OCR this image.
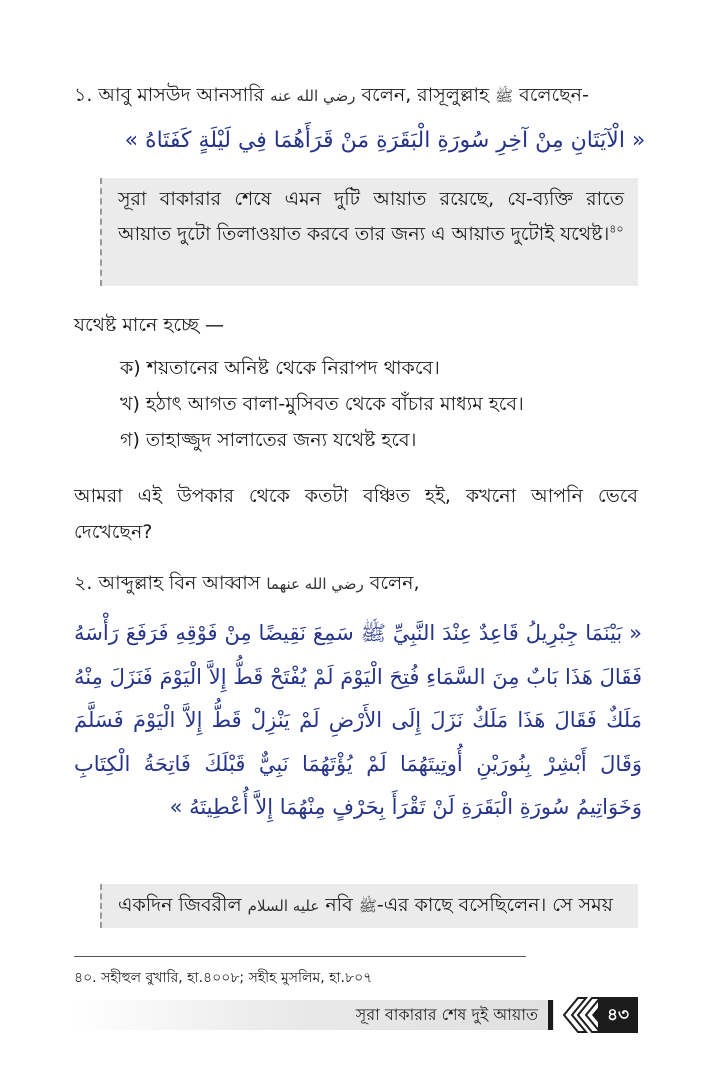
১. আবু মাসউদ আনসারি رضي الله عنه বলেন, রাসূলুল্লাহ ﷺ বলেছেন-
« الْآيَتَانِ مِنْ آخِرِ سُورَةِ الْبَقَرَةِ مَنْ قَرَأَهُمَا فِي لَيْلَةٍ كَفَتَاهُ »
সূরা বাকারার শেষে এমন দুটি আয়াত রয়েছে, যে-ব্যক্তি রাতে আয়াত দুটো তিলাওয়াত করবে তার জন্য এ আয়াত দুটোই যথেষ্ট।$^{৪০}$
যথেষ্ট মানে হচ্ছে —
ক) শয়তানের অনিষ্ট থেকে নিরাপদ থাকবে।
খ) হঠাৎ আগত বালা-মুসিবত থেকে বাঁচার মাধ্যম হবে।
গ) তাহাজ্জুদ সালাতের জন্য যথেষ্ট হবে।
আমরা এই উপকার থেকে কতটা বঞ্চিত হই, কখনো আপনি ভেবে দেখেছেন?
২. আব্দুল্লাহ বিন আব্বাস رضي الله عنهما বলেন,
« بَيْنَمَا جِبْرِيلُ قَاعِدٌ عِنْدَ النَّبِيِّ ﷺ سَمِعَ نَقِيضًا مِنْ فَوْقِهِ فَرَفَعَ رَأْسَهُ فَقَالَ هَذَا بَابٌ مِنَ السَّمَاءِ فُتِحَ الْيَوْمَ لَمْ يُفْتَحْ قَطُّ إِلاَّ الْيَوْمَ فَنَزَلَ مِنْهُ مَلَكٌ فَقَالَ هَذَا مَلَكٌ نَزَلَ إِلَى الأَرْضِ لَمْ يَنْزِلْ قَطُّ إِلاَّ الْيَوْمَ فَسَلَّمَ وَقَالَ أَبْشِرْ بِنُورَيْنِ أُوتِيتَهُمَا لَمْ يُؤْتَهُمَا نَبِيٌّ قَبْلَكَ فَاتِحَةُ الْكِتَابِ وَخَوَاتِيمُ سُورَةِ الْبَقَرَةِ لَنْ تَقْرَأَ بِحَرْفٍ مِنْهُمَا إِلاَّ أُعْطِيتَهُ »
একদিন জিবরীল عليه السلام নবি ﷺ-এর কাছে বসেছিলেন। সে সময়
৪০. সহীহুল বুখারি, হা.৪০০৮; সহীহ মুসলিম, হা.৮০৭
সূরা বাকারার শেষ দুই আয়াত	৪৩
